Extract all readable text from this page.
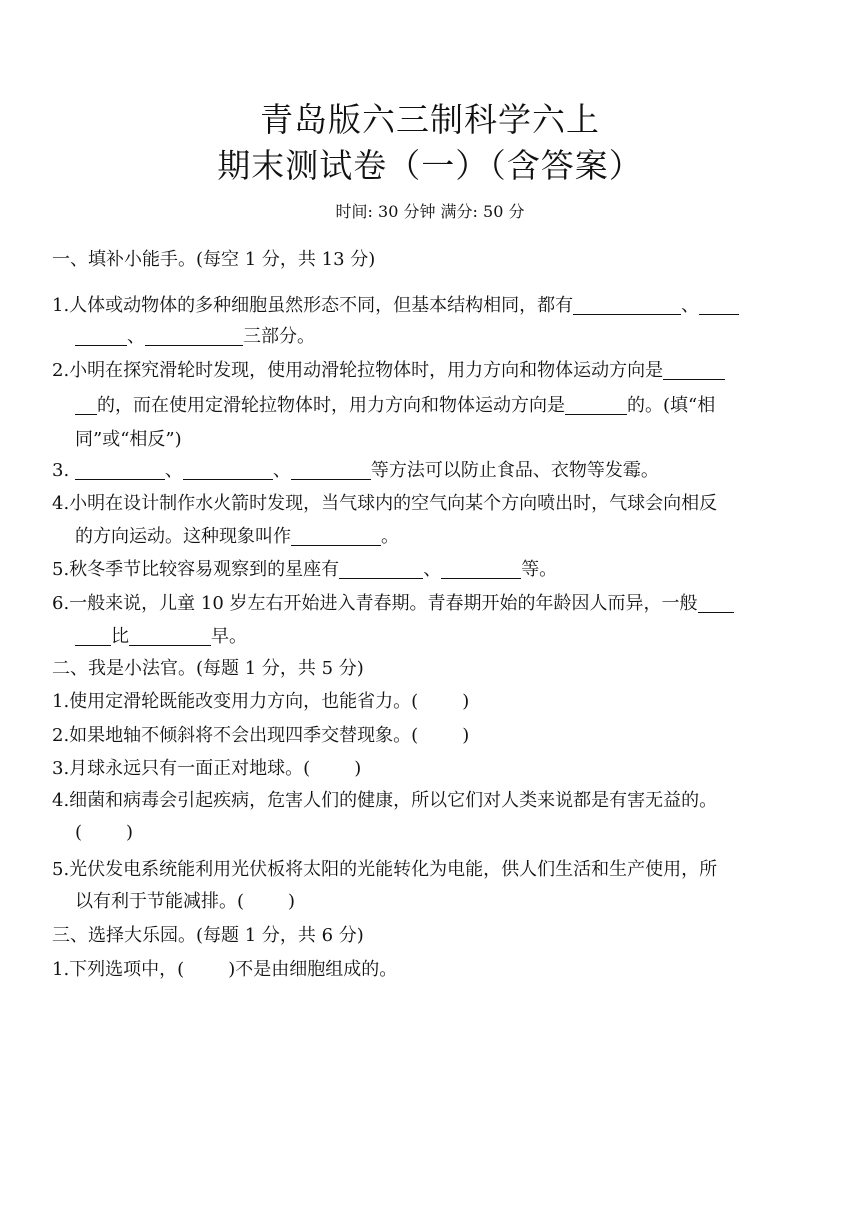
青岛版六三制科学六上
期末测试卷（一）（含答案）
时间: 30 分钟 满分: 50 分
一、填补小能手。(每空 1 分，共 13 分)
1.人体或动物体的多种细胞虽然形态不同，但基本结构相同，都有	、
、	三部分。
2.小明在探究滑轮时发现，使用动滑轮拉物体时，用力方向和物体运动方向是
的，而在使用定滑轮拉物体时，用力方向和物体运动方向是	的。(填“相
同”或“相反”)
3.	、	、	等方法可以防止食品、衣物等发霉。
4.小明在设计制作水火箭时发现，当气球内的空气向某个方向喷出时，气球会向相反
的方向运动。这种现象叫作	。
5.秋冬季节比较容易观察到的星座有	、	等。
6.一般来说，儿童 10 岁左右开始进入青春期。青春期开始的年龄因人而异，一般
比	早。
二、我是小法官。(每题 1 分，共 5 分)
1.使用定滑轮既能改变用力方向，也能省力。( )
2.如果地轴不倾斜将不会出现四季交替现象。( )
3.月球永远只有一面正对地球。( )
4.细菌和病毒会引起疾病，危害人们的健康，所以它们对人类来说都是有害无益的。
( )
5.光伏发电系统能利用光伏板将太阳的光能转化为电能，供人们生活和生产使用，所
以有利于节能减排。( )
三、选择大乐园。(每题 1 分，共 6 分)
1.下列选项中，( )不是由细胞组成的。
